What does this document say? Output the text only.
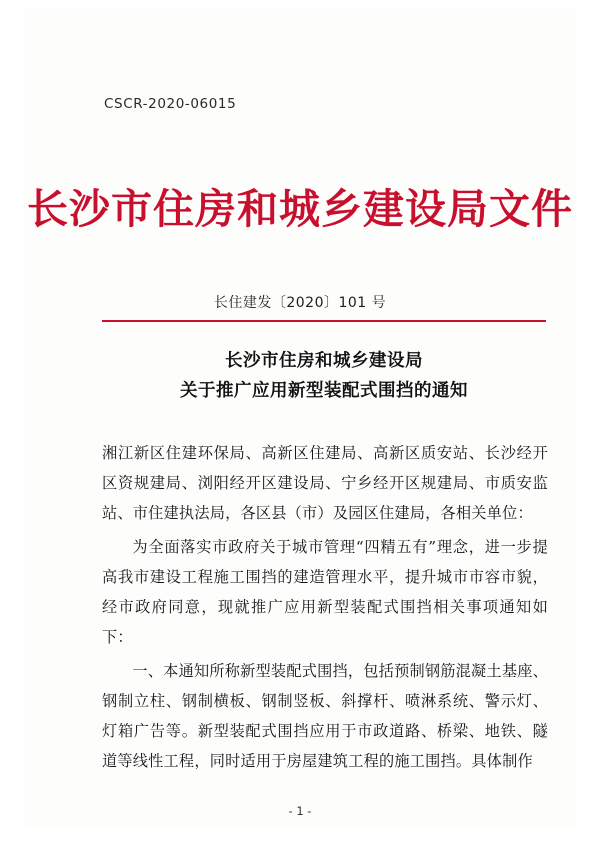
CSCR-2020-06015
长沙市住房和城乡建设局文件
长住建发〔2020〕101 号
长沙市住房和城乡建设局
关于推广应用新型装配式围挡的通知

湘江新区住建环保局、高新区住建局、高新区质安站、长沙经开区资规建局、浏阳经开区建设局、宁乡经开区规建局、市质安监站、市住建执法局，各区县（市）及园区住建局，各相关单位：

为全面落实市政府关于城市管理“四精五有”理念，进一步提高我市建设工程施工围挡的建造管理水平，提升城市市容市貌，经市政府同意，现就推广应用新型装配式围挡相关事项通知如下：

一、本通知所称新型装配式围挡，包括预制钢筋混凝土基座、钢制立柱、钢制横板、钢制竖板、斜撑杆、喷淋系统、警示灯、灯箱广告等。新型装配式围挡应用于市政道路、桥梁、地铁、隧道等线性工程，同时适用于房屋建筑工程的施工围挡。具体制作

- 1 -
